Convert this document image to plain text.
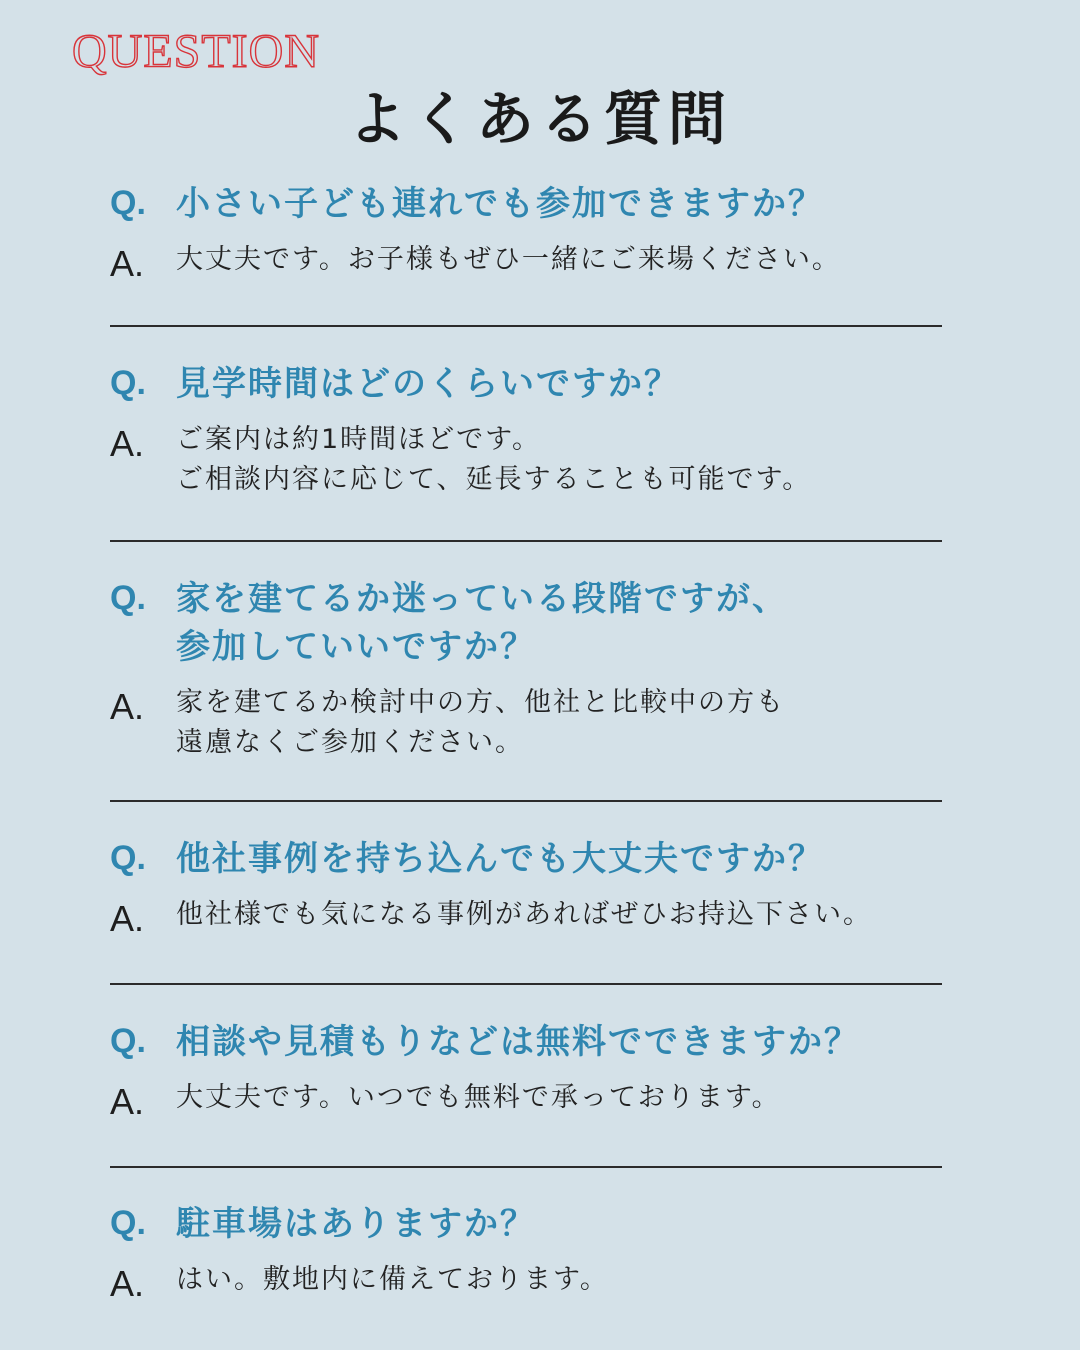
QUESTION
よくある質問
Q. 小さい子ども連れでも参加できますか？
A.	大丈夫です。お子様もぜひ一緒にご来場ください。
Q. 見学時間はどのくらいですか？
A.	ご案内は約1時間ほどです。
ご相談内容に応じて、延長することも可能です。
Q. 家を建てるか迷っている段階ですが、
参加していいですか？
A.	家を建てるか検討中の方、他社と比較中の方も
遠慮なくご参加ください。
Q. 他社事例を持ち込んでも大丈夫ですか？
A.	他社様でも気になる事例があればぜひお持込下さい。
Q. 相談や見積もりなどは無料でできますか？
A.	大丈夫です。いつでも無料で承っております。
Q. 駐車場はありますか？
A.	はい。敷地内に備えております。
